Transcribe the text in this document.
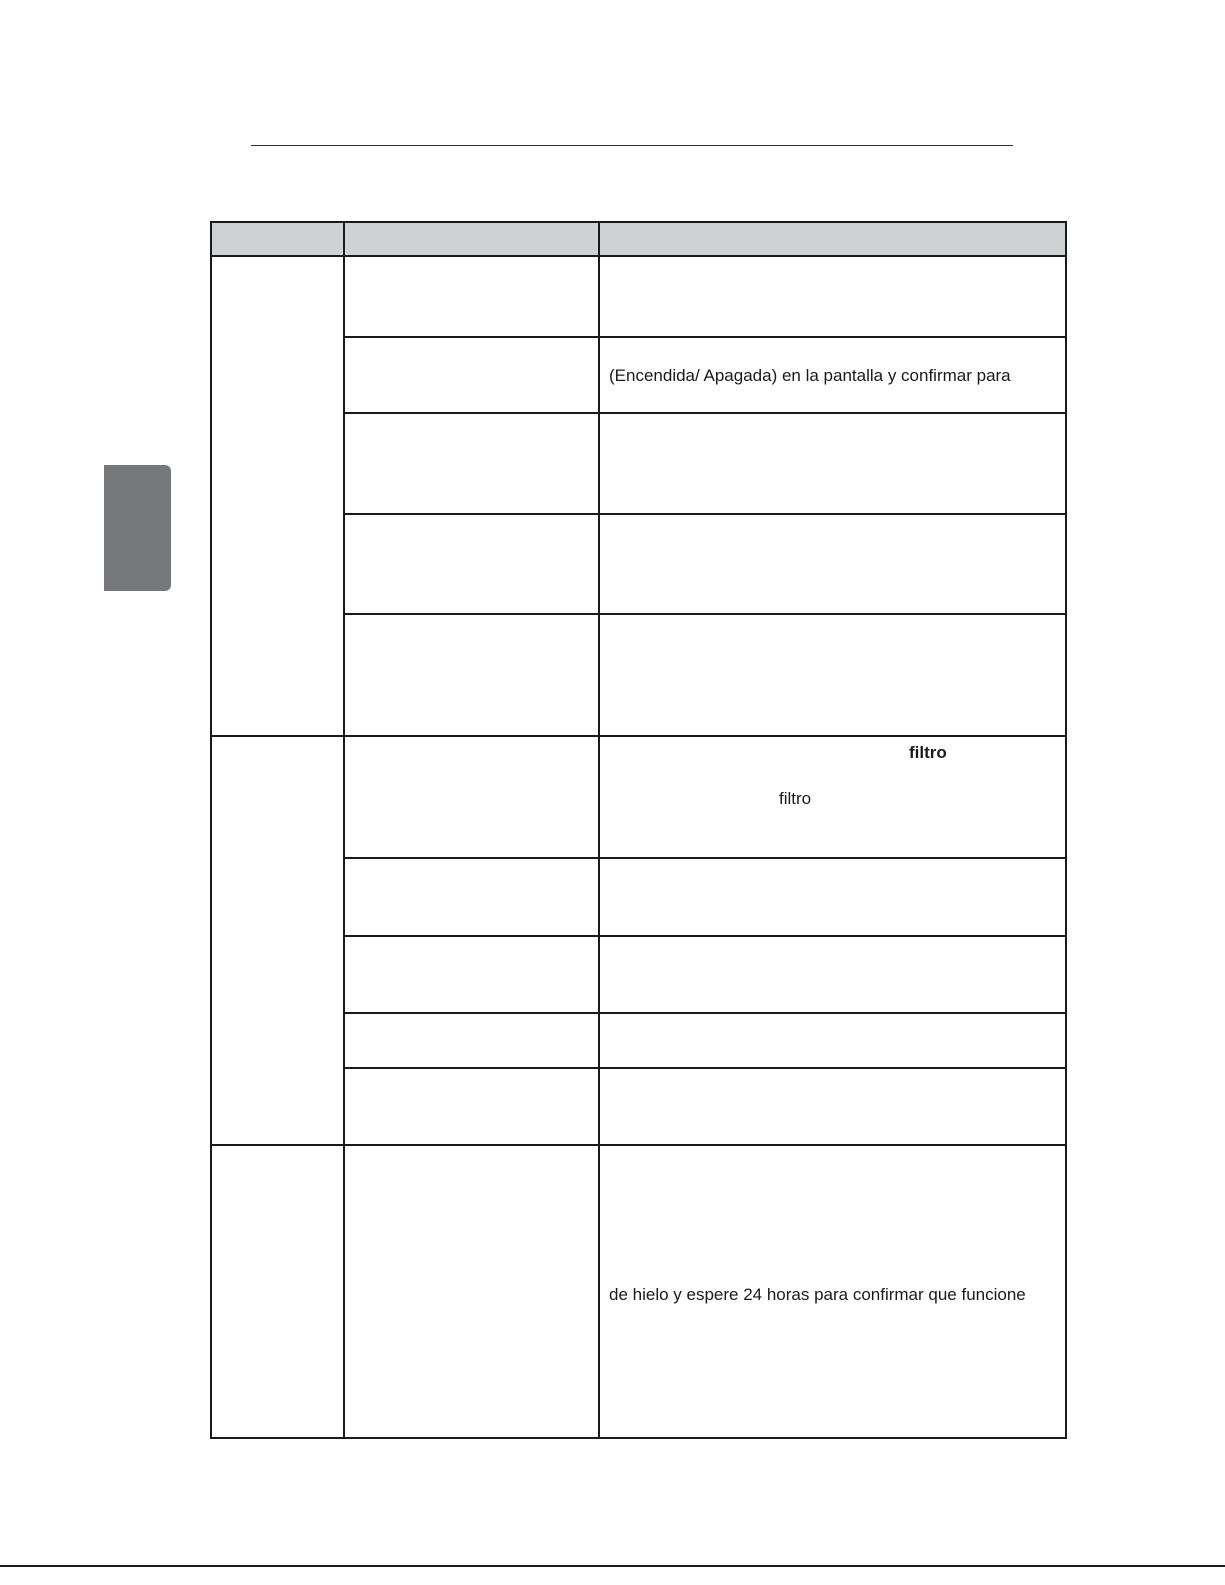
		(Encendida/ Apagada) en la pantalla y confirmar para

		filtro
filtro

		de hielo y espere 24 horas para confirmar que funcione
